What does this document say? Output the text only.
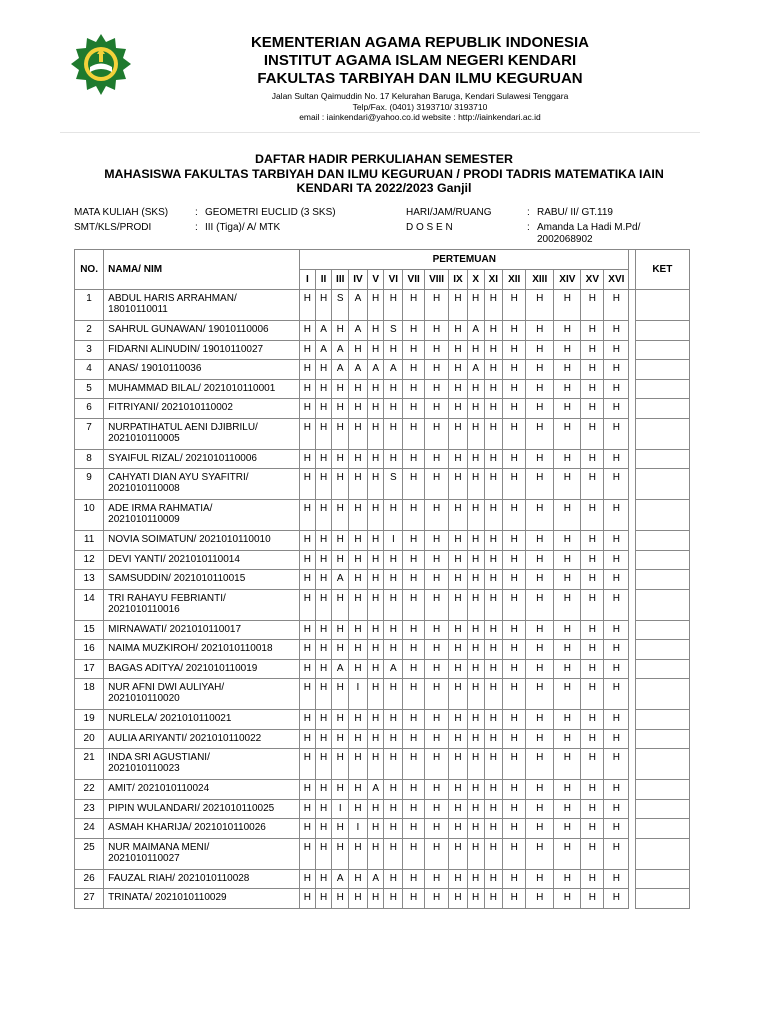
KEMENTERIAN AGAMA REPUBLIK INDONESIA
INSTITUT AGAMA ISLAM NEGERI KENDARI
FAKULTAS TARBIYAH DAN ILMU KEGURUAN
Jalan Sultan Qaimuddin No. 17 Kelurahan Baruga, Kendari Sulawesi Tenggara
Telp/Fax. (0401) 3193710/ 3193710
email : iainkendari@yahoo.co.id website : http://iainkendari.ac.id
DAFTAR HADIR PERKULIAHAN SEMESTER
MAHASISWA FAKULTAS TARBIYAH DAN ILMU KEGURUAN / PRODI TADRIS MATEMATIKA IAIN
KENDARI TA 2022/2023 Ganjil
MATA KULIAH (SKS)	: GEOMETRI EUCLID (3 SKS)
SMT/KLS/PRODI	: III (Tiga)/ A/ MTK
HARI/JAM/RUANG	: RABU/ II/ GT.119
D O S E N	: Amanda La Hadi M.Pd/
2002068902
NO.	NAMA/ NIM	PERTEMUAN																	KET
		I	II	III	IV	V	VI	VII	VIII	IX	X	XI	XII	XIII	XIV	XV	XVI		
1	ABDUL HARIS ARRAHMAN/
18010110011	H	H	S	A	H	H	H	H	H	H	H	H	H	H	H	H		
2	SAHRUL GUNAWAN/ 19010110006	H	A	H	A	H	S	H	H	H	A	H	H	H	H	H	H		
3	FIDARNI ALINUDIN/ 19010110027	H	A	A	H	H	H	H	H	H	H	H	H	H	H	H	H		
4	ANAS/ 19010110036	H	H	A	A	A	A	H	H	H	A	H	H	H	H	H	H		
5	MUHAMMAD BILAL/ 2021010110001	H	H	H	H	H	H	H	H	H	H	H	H	H	H	H	H		
6	FITRIYANI/ 2021010110002	H	H	H	H	H	H	H	H	H	H	H	H	H	H	H	H		
7	NURPATIHATUL AENI DJIBRILU/
2021010110005	H	H	H	H	H	H	H	H	H	H	H	H	H	H	H	H		
8	SYAIFUL RIZAL/ 2021010110006	H	H	H	H	H	H	H	H	H	H	H	H	H	H	H	H		
9	CAHYATI DIAN AYU SYAFITRI/
2021010110008	H	H	H	H	H	S	H	H	H	H	H	H	H	H	H	H		
10	ADE IRMA RAHMATIA/
2021010110009	H	H	H	H	H	H	H	H	H	H	H	H	H	H	H	H		
11	NOVIA SOIMATUN/ 2021010110010	H	H	H	H	H	I	H	H	H	H	H	H	H	H	H	H		
12	DEVI YANTI/ 2021010110014	H	H	H	H	H	H	H	H	H	H	H	H	H	H	H	H		
13	SAMSUDDIN/ 2021010110015	H	H	A	H	H	H	H	H	H	H	H	H	H	H	H	H		
14	TRI RAHAYU FEBRIANTI/
2021010110016	H	H	H	H	H	H	H	H	H	H	H	H	H	H	H	H		
15	MIRNAWATI/ 2021010110017	H	H	H	H	H	H	H	H	H	H	H	H	H	H	H	H		
16	NAIMA MUZKIROH/ 2021010110018	H	H	H	H	H	H	H	H	H	H	H	H	H	H	H	H		
17	BAGAS ADITYA/ 2021010110019	H	H	A	H	H	A	H	H	H	H	H	H	H	H	H	H		
18	NUR AFNI DWI AULIYAH/
2021010110020	H	H	H	I	H	H	H	H	H	H	H	H	H	H	H	H		
19	NURLELA/ 2021010110021	H	H	H	H	H	H	H	H	H	H	H	H	H	H	H	H		
20	AULIA ARIYANTI/ 2021010110022	H	H	H	H	H	H	H	H	H	H	H	H	H	H	H	H		
21	INDA SRI AGUSTIANI/
2021010110023	H	H	H	H	H	H	H	H	H	H	H	H	H	H	H	H		
22	AMIT/ 2021010110024	H	H	H	H	A	H	H	H	H	H	H	H	H	H	H	H		
23	PIPIN WULANDARI/ 2021010110025	H	H	I	H	H	H	H	H	H	H	H	H	H	H	H	H		
24	ASMAH KHARIJA/ 2021010110026	H	H	H	I	H	H	H	H	H	H	H	H	H	H	H	H		
25	NUR MAIMANA MENI/
2021010110027	H	H	H	H	H	H	H	H	H	H	H	H	H	H	H	H		
26	FAUZAL RIAH/ 2021010110028	H	H	A	H	A	H	H	H	H	H	H	H	H	H	H	H		
27	TRINATA/ 2021010110029	H	H	H	H	H	H	H	H	H	H	H	H	H	H	H	H		
